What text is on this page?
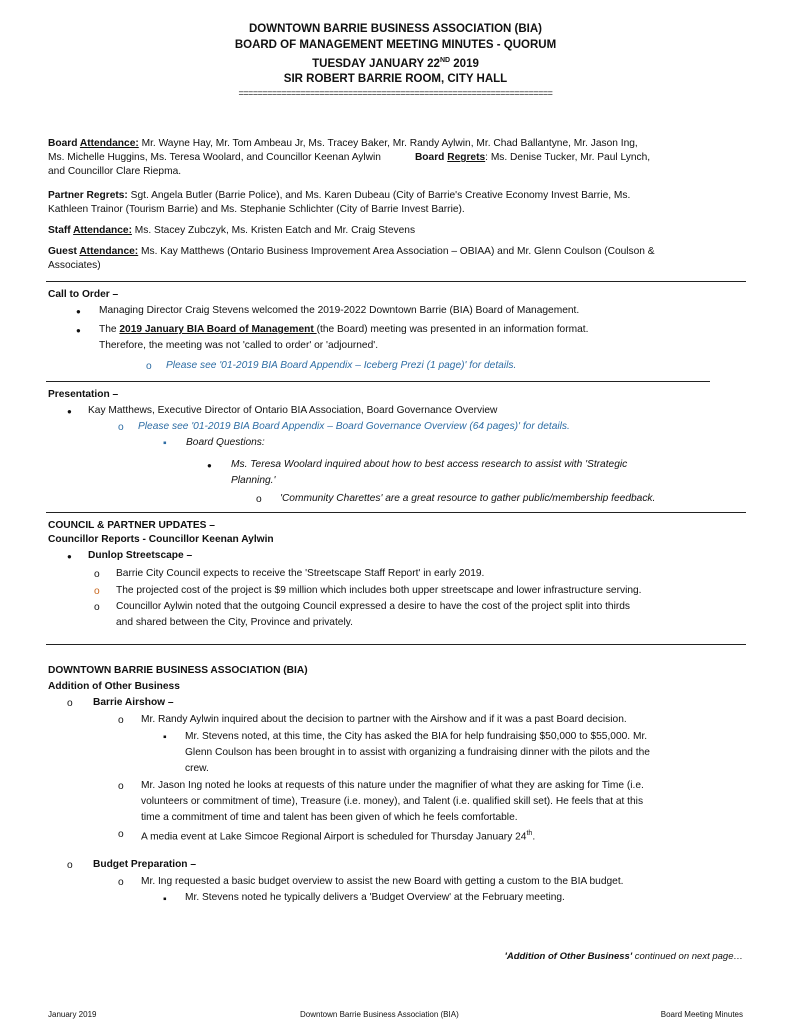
DOWNTOWN BARRIE BUSINESS ASSOCIATION (BIA)
BOARD OF MANAGEMENT MEETING MINUTES - QUORUM
TUESDAY JANUARY 22ND 2019
SIR ROBERT BARRIE ROOM, CITY HALL
==================================================================
Board Attendance: Mr. Wayne Hay, Mr. Tom Ambeau Jr, Ms. Tracey Baker, Mr. Randy Aylwin, Mr. Chad Ballantyne, Mr. Jason Ing,
Ms. Michelle Huggins, Ms. Teresa Woolard, and Councillor Keenan Aylwin	Board Regrets: Ms. Denise Tucker, Mr. Paul Lynch,
and Councillor Clare Riepma.
Partner Regrets: Sgt. Angela Butler (Barrie Police), and Ms. Karen Dubeau (City of Barrie's Creative Economy Invest Barrie, Ms.
Kathleen Trainor (Tourism Barrie) and Ms. Stephanie Schlichter (City of Barrie Invest Barrie).
Staff Attendance: Ms. Stacey Zubczyk, Ms. Kristen Eatch and Mr. Craig Stevens
Guest Attendance: Ms. Kay Matthews (Ontario Business Improvement Area Association – OBIAA) and Mr. Glenn Coulson (Coulson &
Associates)
Call to Order –
● Managing Director Craig Stevens welcomed the 2019-2022 Downtown Barrie (BIA) Board of Management.
● The 2019 January BIA Board of Management (the Board) meeting was presented in an information format.
Therefore, the meeting was not 'called to order' or 'adjourned'.
o Please see '01-2019 BIA Board Appendix – Iceberg Prezi (1 page)' for details.
Presentation –
● Kay Matthews, Executive Director of Ontario BIA Association, Board Governance Overview
o Please see '01-2019 BIA Board Appendix – Board Governance Overview (64 pages)' for details.
▪ Board Questions:
● Ms. Teresa Woolard inquired about how to best access research to assist with 'Strategic
Planning.'
o 'Community Charettes' are a great resource to gather public/membership feedback.
COUNCIL & PARTNER UPDATES –
Councillor Reports - Councillor Keenan Aylwin
● Dunlop Streetscape –
o Barrie City Council expects to receive the 'Streetscape Staff Report' in early 2019.
o The projected cost of the project is $9 million which includes both upper streetscape and lower infrastructure serving.
o Councillor Aylwin noted that the outgoing Council expressed a desire to have the cost of the project split into thirds
and shared between the City, Province and privately.
DOWNTOWN BARRIE BUSINESS ASSOCIATION (BIA)
Addition of Other Business
o Barrie Airshow –
o Mr. Randy Aylwin inquired about the decision to partner with the Airshow and if it was a past Board decision.
▪ Mr. Stevens noted, at this time, the City has asked the BIA for help fundraising $50,000 to $55,000. Mr.
Glenn Coulson has been brought in to assist with organizing a fundraising dinner with the pilots and the
crew.
o Mr. Jason Ing noted he looks at requests of this nature under the magnifier of what they are asking for Time (i.e.
volunteers or commitment of time), Treasure (i.e. money), and Talent (i.e. qualified skill set). He feels that at this
time a commitment of time and talent has been given of which he feels comfortable.
o A media event at Lake Simcoe Regional Airport is scheduled for Thursday January 24th.
o Budget Preparation –
o Mr. Ing requested a basic budget overview to assist the new Board with getting a custom to the BIA budget.
▪ Mr. Stevens noted he typically delivers a 'Budget Overview' at the February meeting.
'Addition of Other Business' continued on next page…
January 2019	Downtown Barrie Business Association (BIA)	Board Meeting Minutes
